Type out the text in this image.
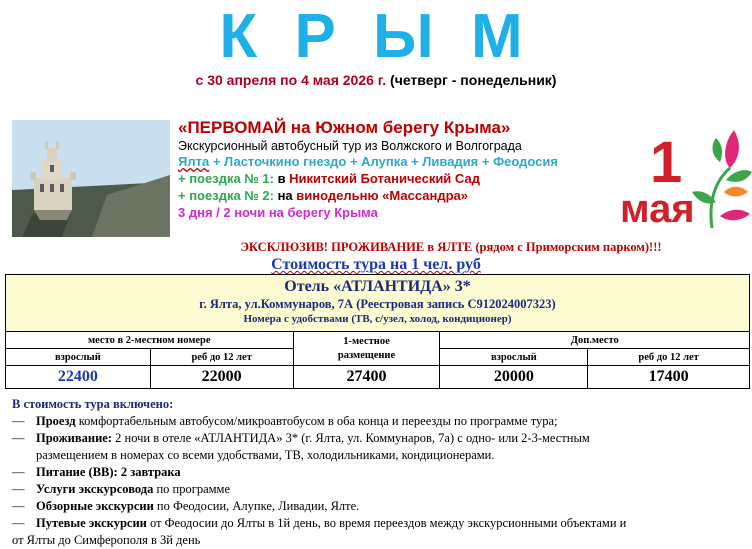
К Р Ы М
с 30 апреля по 4 мая 2026 г. (четверг - понедельник)
«ПЕРВОМАЙ на Южном берегу Крыма»
Экскурсионный автобусный тур из Волжского и Волгограда
Ялта + Ласточкино гнездо + Алупка + Ливадия + Феодосия
+ поездка № 1: в Никитский Ботанический Сад
+ поездка № 2: на винодельню «Массандра»
3 дня / 2 ночи на берегу Крыма
1
мая
ЭКСКЛЮЗИВ! ПРОЖИВАНИЕ в ЯЛТЕ (рядом с Приморским парком)!!!
Стоимость тура на 1 чел. руб
Отель «АТЛАНТИДА» 3*
г. Ялта, ул.Коммунаров, 7А (Реестровая запись С912024007323)
Номера с удобствами (ТВ, с/узел, холод, кондиционер)
место в 2-местном номере		1-местное размещение	Доп.место	
взрослый	реб до 12 лет		взрослый	реб до 12 лет
22400	22000	27400	20000	17400
В стоимость тура включено:
— Проезд комфортабельным автобусом/микроавтобусом в оба конца и переезды по программе тура;
— Проживание: 2 ночи в отеле «АТЛАНТИДА» 3* (г. Ялта, ул. Коммунаров, 7а) с одно- или 2-3-местным
размещением в номерах со всеми удобствами, ТВ, холодильниками, кондиционерами.
— Питание (ВВ): 2 завтрака
— Услуги экскурсовода по программе
— Обзорные экскурсии по Феодосии, Алупке, Ливадии, Ялте.
— Путевые экскурсии от Феодосии до Ялты в 1й день, во время переездов между экскурсионными объектами и
от Ялты до Симферополя в 3й день
